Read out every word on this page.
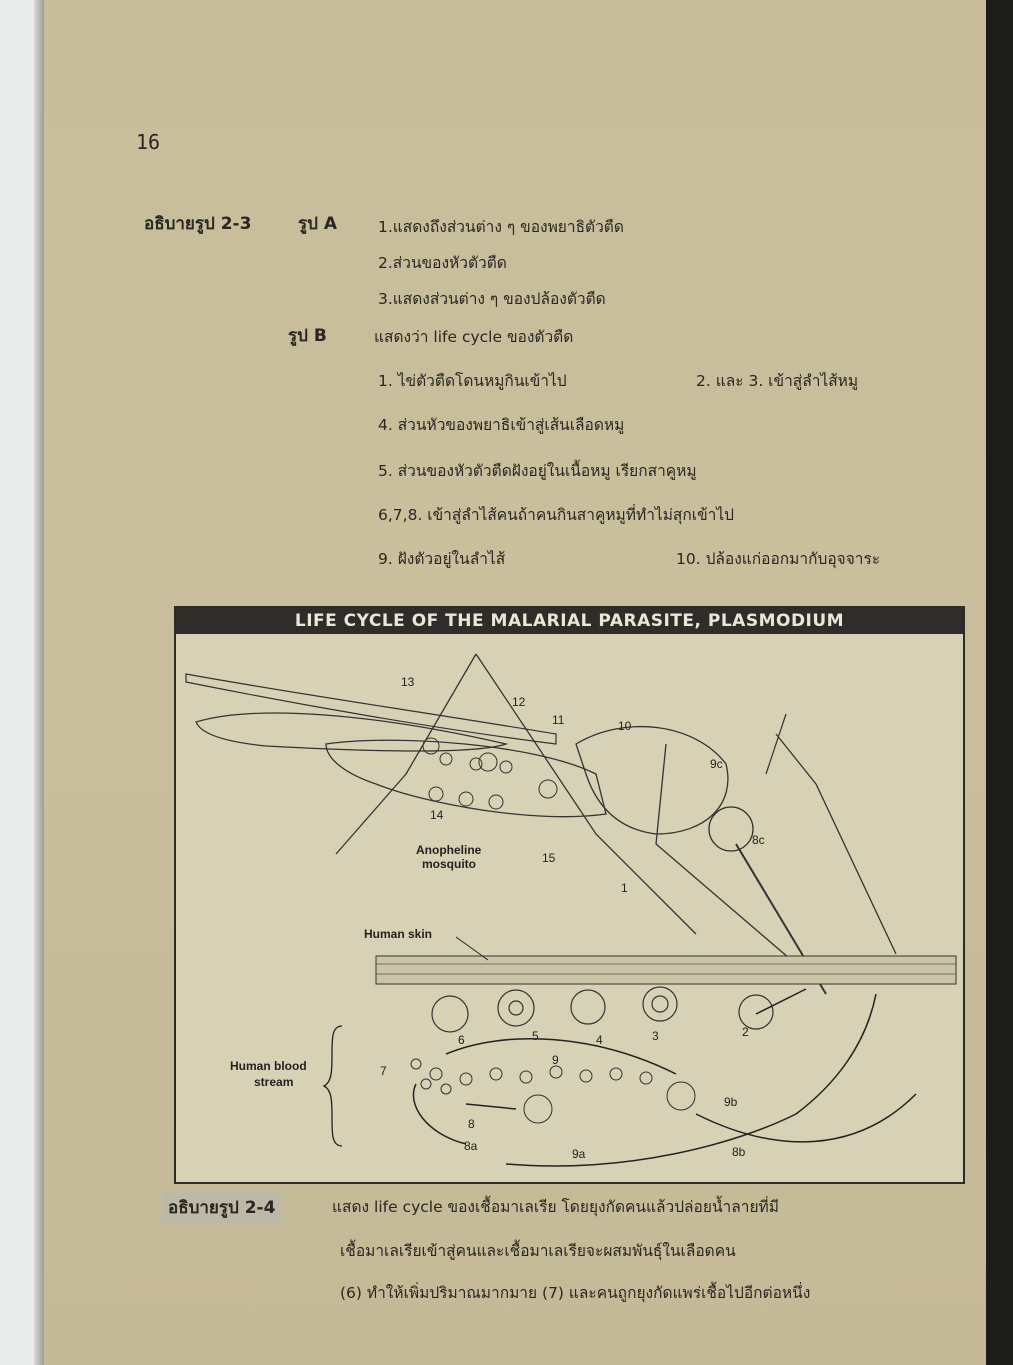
16
อธิบายรูป 2-3	รูป A	1.แสดงถึงส่วนต่าง ๆ ของพยาธิตัวตืด
2.ส่วนของหัวตัวตืด
3.แสดงส่วนต่าง ๆ ของปล้องตัวตืด
รูป B	แสดงว่า life cycle ของตัวตืด
1. ไข่ตัวตืดโดนหมูกินเข้าไป	2. และ 3. เข้าสู่ลำไส้หมู
4. ส่วนหัวของพยาธิเข้าสู่เส้นเลือดหมู
5. ส่วนของหัวตัวตืดฝังอยู่ในเนื้อหมู เรียกสาคูหมู
6,7,8. เข้าสู่ลำไส้คนถ้าคนกินสาคูหมูที่ทำไม่สุกเข้าไป
9. ฝังตัวอยู่ในลำไส้	10. ปล้องแก่ออกมากับอุจจาระ
LIFE CYCLE OF THE MALARIAL PARASITE, PLASMODIUM
Anopheline
mosquito
Human skin
Human blood
stream
13
12
11	10
9c
14
15
8c
1
2
3
4
5
6
7
9
8
8a
9a
9b
8b
อธิบายรูป 2-4	แสดง life cycle ของเชื้อมาเลเรีย โดยยุงกัดคนแล้วปล่อยน้ำลายที่มี
เชื้อมาเลเรียเข้าสู่คนและเชื้อมาเลเรียจะผสมพันธุ์ในเลือดคน
(6) ทำให้เพิ่มปริมาณมากมาย (7) และคนถูกยุงกัดแพร่เชื้อไปอีกต่อหนึ่ง
